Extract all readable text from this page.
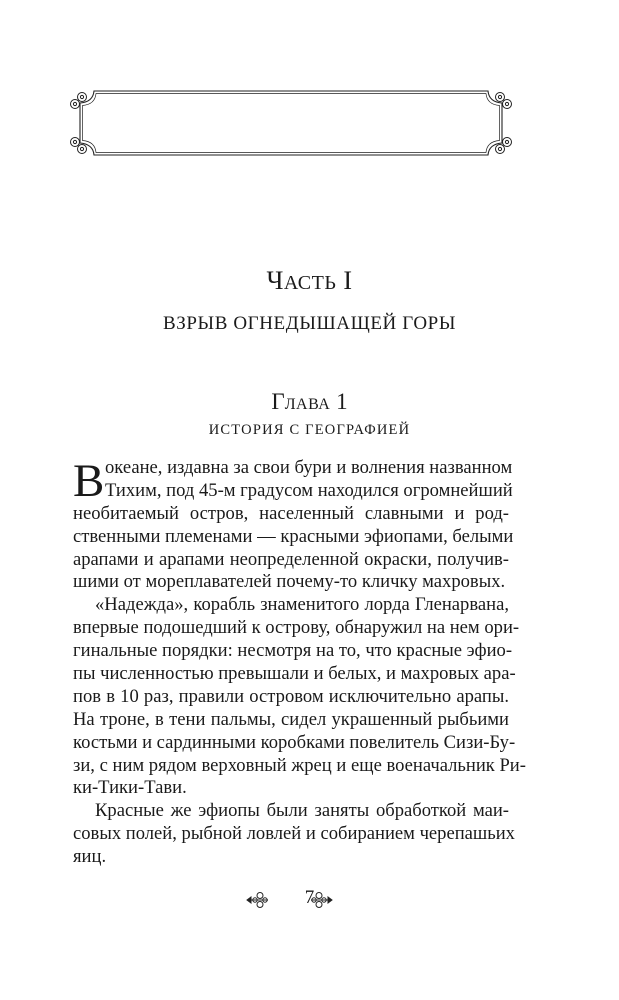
ЧАСТЬ I
ВЗРЫВ ОГНЕДЫШАЩЕЙ ГОРЫ
ГЛАВА 1
ИСТОРИЯ С ГЕОГРАФИЕЙ
В океане, издавна за свои бури и волнения названном
Тихим, под 45-м градусом находился огромнейший
необитаемый остров, населенный славными и род-
ственными племенами — красными эфиопами, белыми
арапами и арапами неопределенной окраски, получив-
шими от мореплавателей почему-то кличку махровых.
«Надежда», корабль знаменитого лорда Гленарвана,
впервые подошедший к острову, обнаружил на нем ори-
гинальные порядки: несмотря на то, что красные эфио-
пы численностью превышали и белых, и махровых ара-
пов в 10 раз, правили островом исключительно арапы.
На троне, в тени пальмы, сидел украшенный рыбьими
костьми и сардинными коробками повелитель Сизи-Бу-
зи, с ним рядом верховный жрец и еще военачальник Ри-
ки-Тики-Тави.
Красные же эфиопы были заняты обработкой маи-
совых полей, рыбной ловлей и собиранием черепашьих
яиц.
7
